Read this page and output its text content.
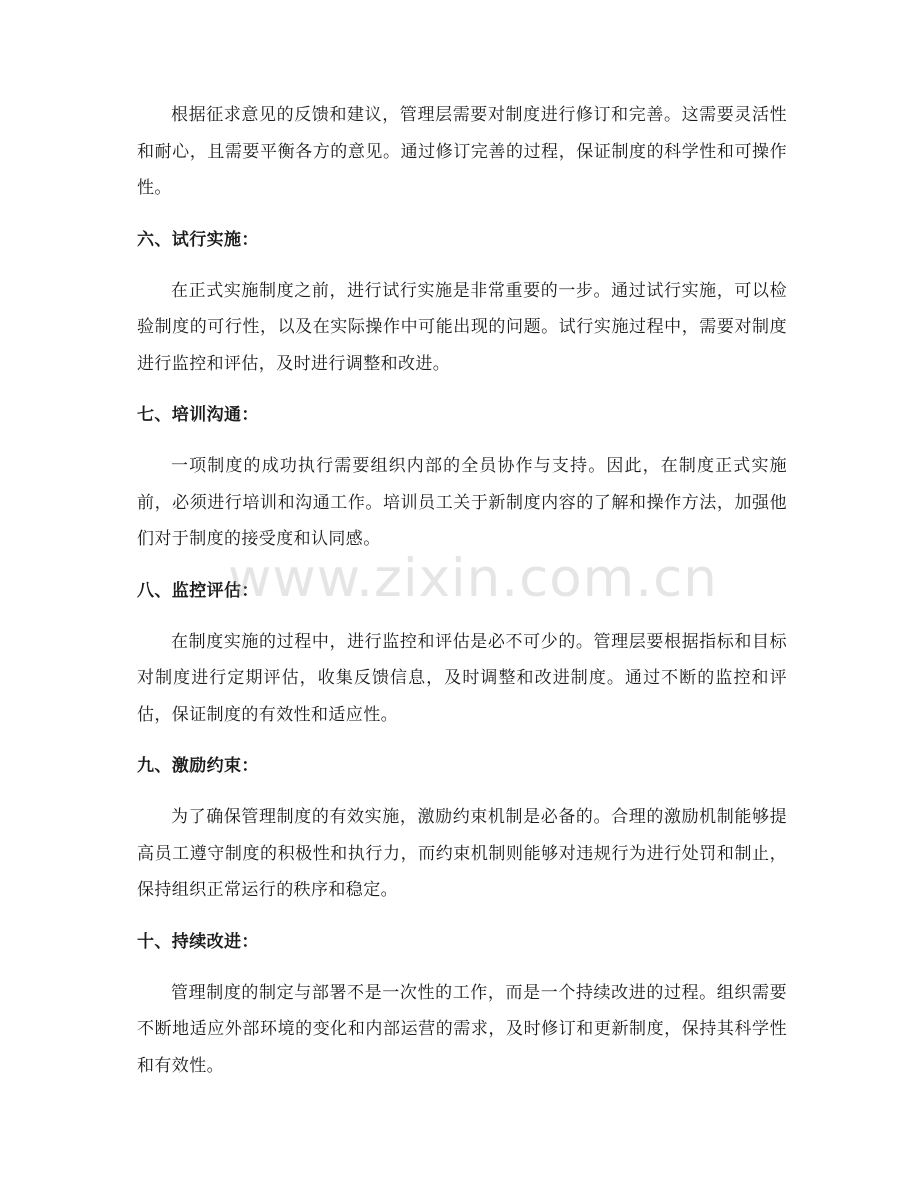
根据征求意见的反馈和建议，管理层需要对制度进行修订和完善。这需要灵活性和耐心，且需要平衡各方的意见。通过修订完善的过程，保证制度的科学性和可操作性。

六、试行实施：

在正式实施制度之前，进行试行实施是非常重要的一步。通过试行实施，可以检验制度的可行性，以及在实际操作中可能出现的问题。试行实施过程中，需要对制度进行监控和评估，及时进行调整和改进。

七、培训沟通：

一项制度的成功执行需要组织内部的全员协作与支持。因此，在制度正式实施前，必须进行培训和沟通工作。培训员工关于新制度内容的了解和操作方法，加强他们对于制度的接受度和认同感。

八、监控评估：

在制度实施的过程中，进行监控和评估是必不可少的。管理层要根据指标和目标对制度进行定期评估，收集反馈信息，及时调整和改进制度。通过不断的监控和评估，保证制度的有效性和适应性。

九、激励约束：

为了确保管理制度的有效实施，激励约束机制是必备的。合理的激励机制能够提高员工遵守制度的积极性和执行力，而约束机制则能够对违规行为进行处罚和制止，保持组织正常运行的秩序和稳定。

十、持续改进：

管理制度的制定与部署不是一次性的工作，而是一个持续改进的过程。组织需要不断地适应外部环境的变化和内部运营的需求，及时修订和更新制度，保持其科学性和有效性。

www.zixin.com.cn
